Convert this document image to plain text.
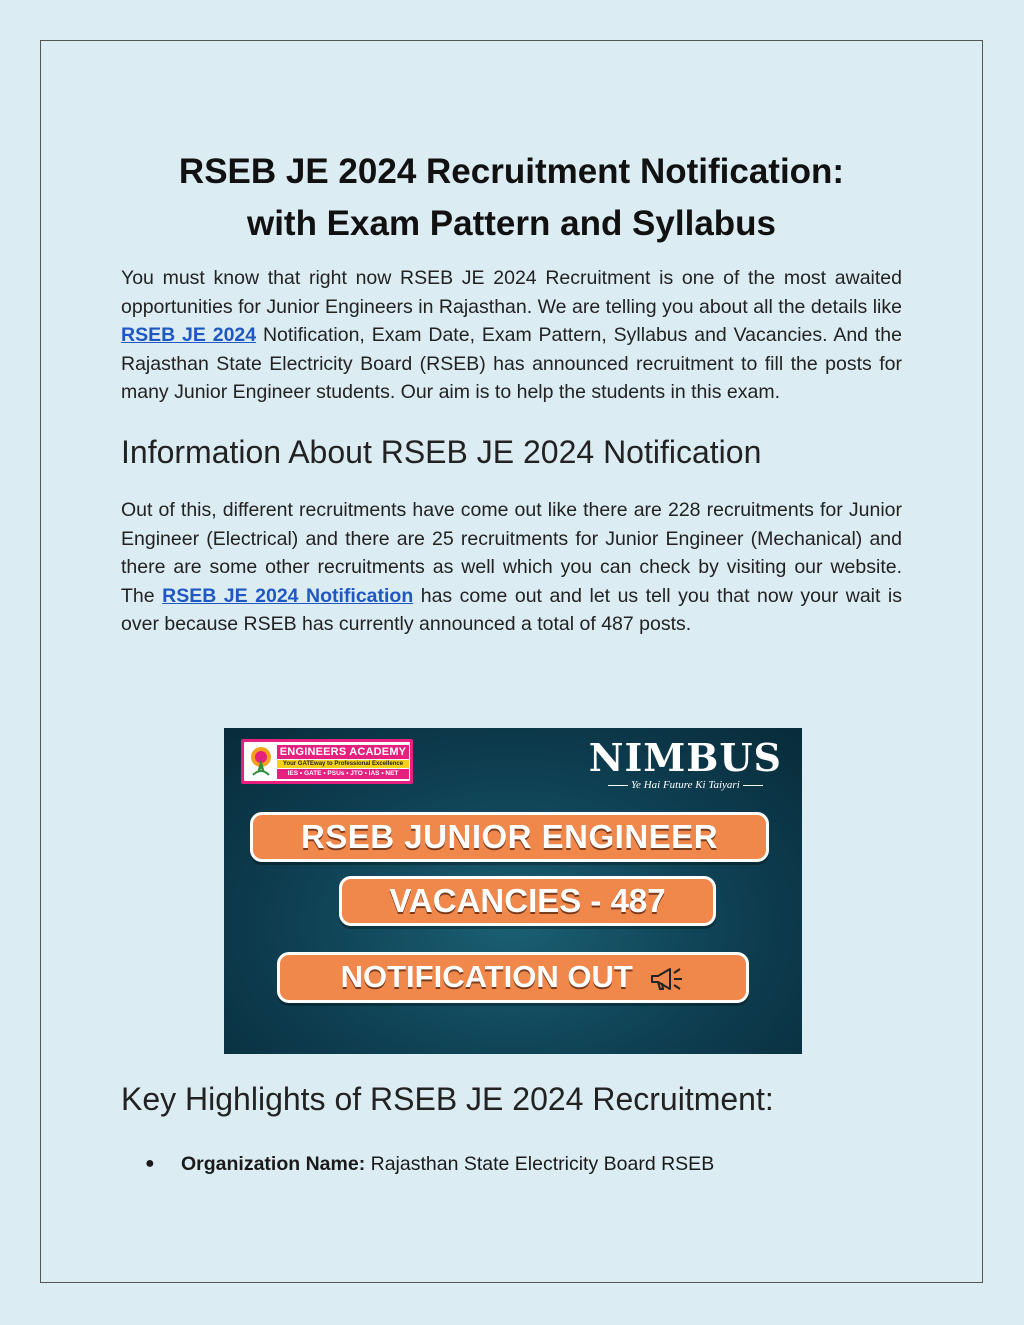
RSEB JE 2024 Recruitment Notification:
with Exam Pattern and Syllabus

You must know that right now RSEB JE 2024 Recruitment is one of the most awaited opportunities for Junior Engineers in Rajasthan. We are telling you about all the details like RSEB JE 2024 Notification, Exam Date, Exam Pattern, Syllabus and Vacancies. And the Rajasthan State Electricity Board (RSEB) has announced recruitment to fill the posts for many Junior Engineer students. Our aim is to help the students in this exam.

Information About RSEB JE 2024 Notification

Out of this, different recruitments have come out like there are 228 recruitments for Junior Engineer (Electrical) and there are 25 recruitments for Junior Engineer (Mechanical) and there are some other recruitments as well which you can check by visiting our website. The RSEB JE 2024 Notification has come out and let us tell you that now your wait is over because RSEB has currently announced a total of 487 posts.

ENGINEERS ACADEMY
Your GATEway to Professional Excellence
IES • GATE • PSUs • JTO • IAS • NET	NIMBUS
Ye Hai Future Ki Taiyari
RSEB JUNIOR ENGINEER
VACANCIES - 487
NOTIFICATION OUT
Key Highlights of RSEB JE 2024 Recruitment:
● Organization Name: Rajasthan State Electricity Board RSEB
